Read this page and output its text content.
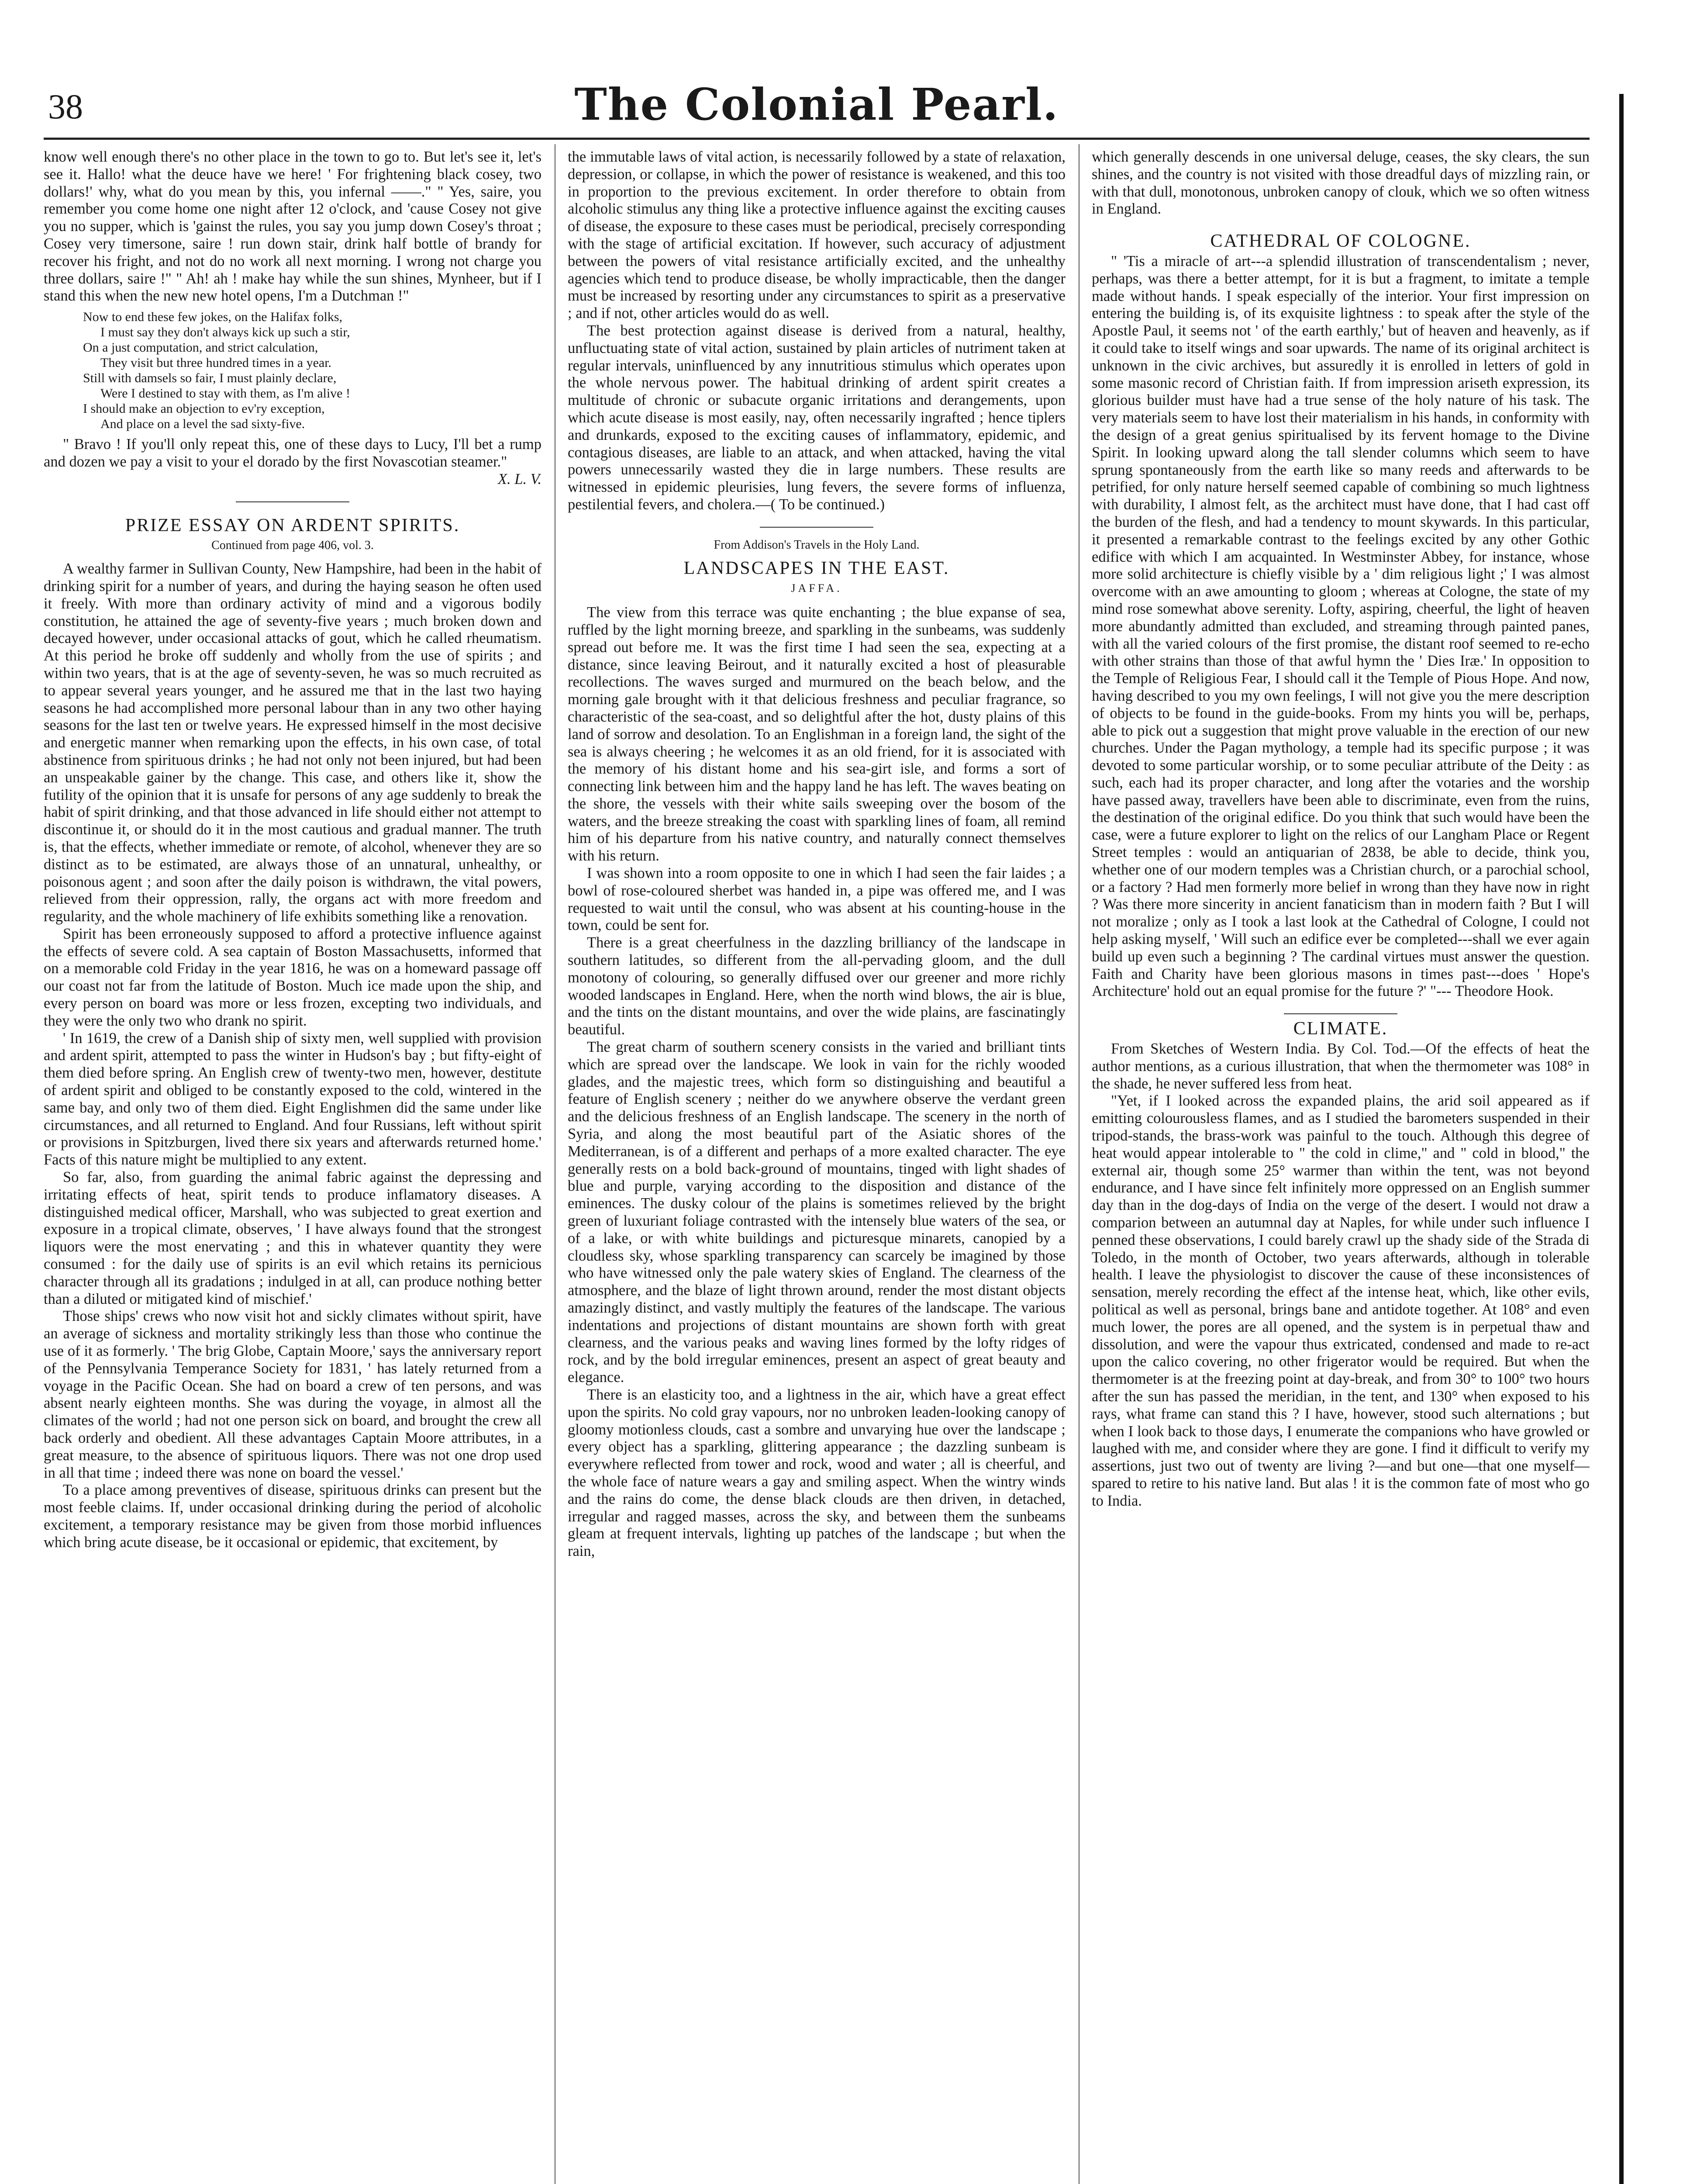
38	The Colonial Pearl.

know well enough there's no other place in the town to go to. But let's see it, let's see it. Hallo! what the deuce have we here! ' For frightening black cosey, two dollars!' why, what do you mean by this, you infernal ——." " Yes, saire, you remember you come home one night after 12 o'clock, and 'cause Cosey not give you no supper, which is 'gainst the rules, you say you jump down Cosey's throat ; Cosey very timersone, saire ! run down stair, drink half bottle of brandy for recover his fright, and not do no work all next morning. I wrong not charge you three dollars, saire !" " Ah! ah ! make hay while the sun shines, Mynheer, but if I stand this when the new new hotel opens, I'm a Dutchman !"

Now to end these few jokes, on the Halifax folks,
I must say they don't always kick up such a stir,
On a just computation, and strict calculation,
They visit but three hundred times in a year.
Still with damsels so fair, I must plainly declare,
Were I destined to stay with them, as I'm alive !
I should make an objection to ev'ry exception,
And place on a level the sad sixty-five.

" Bravo ! If you'll only repeat this, one of these days to Lucy, I'll bet a rump and dozen we pay a visit to your el dorado by the first Novascotian steamer."

X. L. V.
PRIZE ESSAY ON ARDENT SPIRITS.
Continued from page 406, vol. 3.

A wealthy farmer in Sullivan County, New Hampshire, had been in the habit of drinking spirit for a number of years, and during the haying season he often used it freely. With more than ordinary activity of mind and a vigorous bodily constitution, he attained the age of seventy-five years ; much broken down and decayed however, under occasional attacks of gout, which he called rheumatism. At this period he broke off suddenly and wholly from the use of spirits ; and within two years, that is at the age of seventy-seven, he was so much recruited as to appear several years younger, and he assured me that in the last two haying seasons he had accomplished more personal labour than in any two other haying seasons for the last ten or twelve years. He expressed himself in the most decisive and energetic manner when remarking upon the effects, in his own case, of total abstinence from spirituous drinks ; he had not only not been injured, but had been an unspeakable gainer by the change. This case, and others like it, show the futility of the opinion that it is unsafe for persons of any age suddenly to break the habit of spirit drinking, and that those advanced in life should either not attempt to discontinue it, or should do it in the most cautious and gradual manner. The truth is, that the effects, whether immediate or remote, of alcohol, whenever they are so distinct as to be estimated, are always those of an unnatural, unhealthy, or poisonous agent ; and soon after the daily poison is withdrawn, the vital powers, relieved from their oppression, rally, the organs act with more freedom and regularity, and the whole machinery of life exhibits something like a renovation.

Spirit has been erroneously supposed to afford a protective influence against the effects of severe cold. A sea captain of Boston Massachusetts, informed that on a memorable cold Friday in the year 1816, he was on a homeward passage off our coast not far from the latitude of Boston. Much ice made upon the ship, and every person on board was more or less frozen, excepting two individuals, and they were the only two who drank no spirit.

' In 1619, the crew of a Danish ship of sixty men, well supplied with provision and ardent spirit, attempted to pass the winter in Hudson's bay ; but fifty-eight of them died before spring. An English crew of twenty-two men, however, destitute of ardent spirit and obliged to be constantly exposed to the cold, wintered in the same bay, and only two of them died. Eight Englishmen did the same under like circumstances, and all returned to England. And four Russians, left without spirit or provisions in Spitzburgen, lived there six years and afterwards returned home.' Facts of this nature might be multiplied to any extent.

So far, also, from guarding the animal fabric against the depressing and irritating effects of heat, spirit tends to produce inflamatory diseases. A distinguished medical officer, Marshall, who was subjected to great exertion and exposure in a tropical climate, observes, ' I have always found that the strongest liquors were the most enervating ; and this in whatever quantity they were consumed : for the daily use of spirits is an evil which retains its pernicious character through all its gradations ; indulged in at all, can produce nothing better than a diluted or mitigated kind of mischief.'

Those ships' crews who now visit hot and sickly climates without spirit, have an average of sickness and mortality strikingly less than those who continue the use of it as formerly. ' The brig Globe, Captain Moore,' says the anniversary report of the Pennsylvania Temperance Society for 1831, ' has lately returned from a voyage in the Pacific Ocean. She had on board a crew of ten persons, and was absent nearly eighteen months. She was during the voyage, in almost all the climates of the world ; had not one person sick on board, and brought the crew all back orderly and obedient. All these advantages Captain Moore attributes, in a great measure, to the absence of spirituous liquors. There was not one drop used in all that time ; indeed there was none on board the vessel.'

To a place among preventives of disease, spirituous drinks can present but the most feeble claims. If, under occasional drinking during the period of alcoholic excitement, a temporary resistance may be given from those morbid influences which bring acute disease, be it occasional or epidemic, that excitement, by

the immutable laws of vital action, is necessarily followed by a state of relaxation, depression, or collapse, in which the power of resistance is weakened, and this too in proportion to the previous excitement. In order therefore to obtain from alcoholic stimulus any thing like a protective influence against the exciting causes of disease, the exposure to these cases must be periodical, precisely corresponding with the stage of artificial excitation. If however, such accuracy of adjustment between the powers of vital resistance artificially excited, and the unhealthy agencies which tend to produce disease, be wholly impracticable, then the danger must be increased by resorting under any circumstances to spirit as a preservative ; and if not, other articles would do as well.

The best protection against disease is derived from a natural, healthy, unfluctuating state of vital action, sustained by plain articles of nutriment taken at regular intervals, uninfluenced by any innutritious stimulus which operates upon the whole nervous power. The habitual drinking of ardent spirit creates a multitude of chronic or subacute organic irritations and derangements, upon which acute disease is most easily, nay, often necessarily ingrafted ; hence tiplers and drunkards, exposed to the exciting causes of inflammatory, epidemic, and contagious diseases, are liable to an attack, and when attacked, having the vital powers unnecessarily wasted they die in large numbers. These results are witnessed in epidemic pleurisies, lung fevers, the severe forms of influenza, pestilential fevers, and cholera.—( To be continued.)

From Addison's Travels in the Holy Land.
LANDSCAPES IN THE EAST.
JAFFA.

The view from this terrace was quite enchanting ; the blue expanse of sea, ruffled by the light morning breeze, and sparkling in the sunbeams, was suddenly spread out before me. It was the first time I had seen the sea, expecting at a distance, since leaving Beirout, and it naturally excited a host of pleasurable recollections. The waves surged and murmured on the beach below, and the morning gale brought with it that delicious freshness and peculiar fragrance, so characteristic of the sea-coast, and so delightful after the hot, dusty plains of this land of sorrow and desolation. To an Englishman in a foreign land, the sight of the sea is always cheering ; he welcomes it as an old friend, for it is associated with the memory of his distant home and his sea-girt isle, and forms a sort of connecting link between him and the happy land he has left. The waves beating on the shore, the vessels with their white sails sweeping over the bosom of the waters, and the breeze streaking the coast with sparkling lines of foam, all remind him of his departure from his native country, and naturally connect themselves with his return.

I was shown into a room opposite to one in which I had seen the fair laides ; a bowl of rose-coloured sherbet was handed in, a pipe was offered me, and I was requested to wait until the consul, who was absent at his counting-house in the town, could be sent for.

There is a great cheerfulness in the dazzling brilliancy of the landscape in southern latitudes, so different from the all-pervading gloom, and the dull monotony of colouring, so generally diffused over our greener and more richly wooded landscapes in England. Here, when the north wind blows, the air is blue, and the tints on the distant mountains, and over the wide plains, are fascinatingly beautiful.

The great charm of southern scenery consists in the varied and brilliant tints which are spread over the landscape. We look in vain for the richly wooded glades, and the majestic trees, which form so distinguishing and beautiful a feature of English scenery ; neither do we anywhere observe the verdant green and the delicious freshness of an English landscape. The scenery in the north of Syria, and along the most beautiful part of the Asiatic shores of the Mediterranean, is of a different and perhaps of a more exalted character. The eye generally rests on a bold back-ground of mountains, tinged with light shades of blue and purple, varying according to the disposition and distance of the eminences. The dusky colour of the plains is sometimes relieved by the bright green of luxuriant foliage contrasted with the intensely blue waters of the sea, or of a lake, or with white buildings and picturesque minarets, canopied by a cloudless sky, whose sparkling transparency can scarcely be imagined by those who have witnessed only the pale watery skies of England. The clearness of the atmosphere, and the blaze of light thrown around, render the most distant objects amazingly distinct, and vastly multiply the features of the landscape. The various indentations and projections of distant mountains are shown forth with great clearness, and the various peaks and waving lines formed by the lofty ridges of rock, and by the bold irregular eminences, present an aspect of great beauty and elegance.

There is an elasticity too, and a lightness in the air, which have a great effect upon the spirits. No cold gray vapours, nor no unbroken leaden-looking canopy of gloomy motionless clouds, cast a sombre and unvarying hue over the landscape ; every object has a sparkling, glittering appearance ; the dazzling sunbeam is everywhere reflected from tower and rock, wood and water ; all is cheerful, and the whole face of nature wears a gay and smiling aspect. When the wintry winds and the rains do come, the dense black clouds are then driven, in detached, irregular and ragged masses, across the sky, and between them the sunbeams gleam at frequent intervals, lighting up patches of the landscape ; but when the rain,

which generally descends in one universal deluge, ceases, the sky clears, the sun shines, and the country is not visited with those dreadful days of mizzling rain, or with that dull, monotonous, unbroken canopy of clouk, which we so often witness in England.

CATHEDRAL OF COLOGNE.

" 'Tis a miracle of art---a splendid illustration of transcendentalism ; never, perhaps, was there a better attempt, for it is but a fragment, to imitate a temple made without hands. I speak especially of the interior. Your first impression on entering the building is, of its exquisite lightness : to speak after the style of the Apostle Paul, it seems not ' of the earth earthly,' but of heaven and heavenly, as if it could take to itself wings and soar upwards. The name of its original architect is unknown in the civic archives, but assuredly it is enrolled in letters of gold in some masonic record of Christian faith. If from impression ariseth expression, its glorious builder must have had a true sense of the holy nature of his task. The very materials seem to have lost their materialism in his hands, in conformity with the design of a great genius spiritualised by its fervent homage to the Divine Spirit. In looking upward along the tall slender columns which seem to have sprung spontaneously from the earth like so many reeds and afterwards to be petrified, for only nature herself seemed capable of combining so much lightness with durability, I almost felt, as the architect must have done, that I had cast off the burden of the flesh, and had a tendency to mount skywards. In this particular, it presented a remarkable contrast to the feelings excited by any other Gothic edifice with which I am acquainted. In Westminster Abbey, for instance, whose more solid architecture is chiefly visible by a ' dim religious light ;' I was almost overcome with an awe amounting to gloom ; whereas at Cologne, the state of my mind rose somewhat above serenity. Lofty, aspiring, cheerful, the light of heaven more abundantly admitted than excluded, and streaming through painted panes, with all the varied colours of the first promise, the distant roof seemed to re-echo with other strains than those of that awful hymn the ' Dies Iræ.' In opposition to the Temple of Religious Fear, I should call it the Temple of Pious Hope. And now, having described to you my own feelings, I will not give you the mere description of objects to be found in the guide-books. From my hints you will be, perhaps, able to pick out a suggestion that might prove valuable in the erection of our new churches. Under the Pagan mythology, a temple had its specific purpose ; it was devoted to some particular worship, or to some peculiar attribute of the Deity : as such, each had its proper character, and long after the votaries and the worship have passed away, travellers have been able to discriminate, even from the ruins, the destination of the original edifice. Do you think that such would have been the case, were a future explorer to light on the relics of our Langham Place or Regent Street temples : would an antiquarian of 2838, be able to decide, think you, whether one of our modern temples was a Christian church, or a parochial school, or a factory ? Had men formerly more belief in wrong than they have now in right ? Was there more sincerity in ancient fanaticism than in modern faith ? But I will not moralize ; only as I took a last look at the Cathedral of Cologne, I could not help asking myself, ' Will such an edifice ever be completed---shall we ever again build up even such a beginning ? The cardinal virtues must answer the question. Faith and Charity have been glorious masons in times past---does ' Hope's Architecture' hold out an equal promise for the future ?' "--- Theodore Hook.

CLIMATE.

From Sketches of Western India. By Col. Tod.—Of the effects of heat the author mentions, as a curious illustration, that when the thermometer was 108° in the shade, he never suffered less from heat.

"Yet, if I looked across the expanded plains, the arid soil appeared as if emitting colourousless flames, and as I studied the barometers suspended in their tripod-stands, the brass-work was painful to the touch. Although this degree of heat would appear intolerable to " the cold in clime," and " cold in blood," the external air, though some 25° warmer than within the tent, was not beyond endurance, and I have since felt infinitely more oppressed on an English summer day than in the dog-days of India on the verge of the desert. I would not draw a comparion between an autumnal day at Naples, for while under such influence I penned these observations, I could barely crawl up the shady side of the Strada di Toledo, in the month of October, two years afterwards, although in tolerable health. I leave the physiologist to discover the cause of these inconsistences of sensation, merely recording the effect af the intense heat, which, like other evils, political as well as personal, brings bane and antidote together. At 108° and even much lower, the pores are all opened, and the system is in perpetual thaw and dissolution, and were the vapour thus extricated, condensed and made to re-act upon the calico covering, no other frigerator would be required. But when the thermometer is at the freezing point at day-break, and from 30° to 100° two hours after the sun has passed the meridian, in the tent, and 130° when exposed to his rays, what frame can stand this ? I have, however, stood such alternations ; but when I look back to those days, I enumerate the companions who have growled or laughed with me, and consider where they are gone. I find it difficult to verify my assertions, just two out of twenty are living ?—and but one—that one myself—spared to retire to his native land. But alas ! it is the common fate of most who go to India.
